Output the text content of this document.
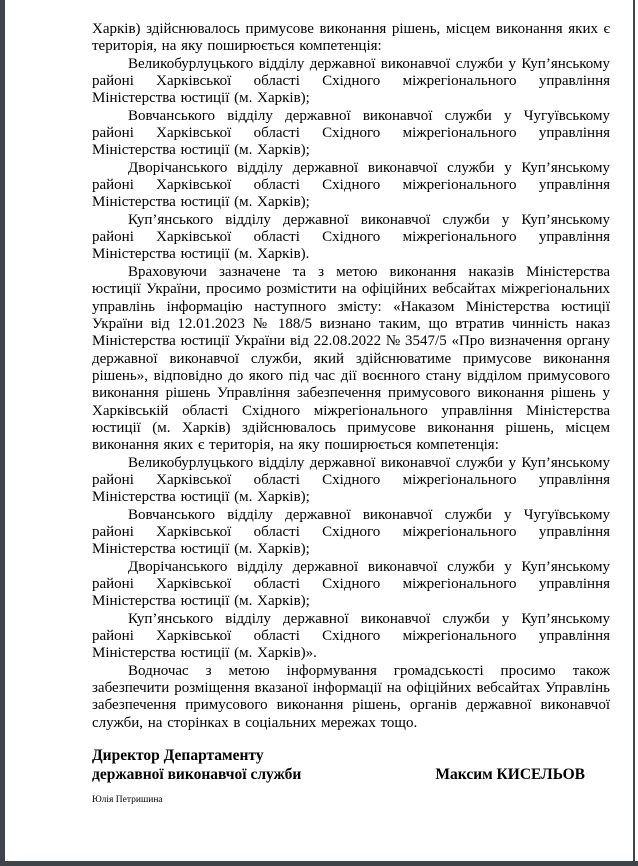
Харків) здійснювалось примусове виконання рішень, місцем виконання яких є територія, на яку поширюється компетенція:

Великобурлуцького відділу державної виконавчої служби у Куп’янському районі Харківської області Східного міжрегіонального управління Міністерства юстиції (м. Харків);

Вовчанського відділу державної виконавчої служби у Чугуївському районі Харківської області Східного міжрегіонального управління Міністерства юстиції (м. Харків);

Дворічанського відділу державної виконавчої служби у Куп’янському районі Харківської області Східного міжрегіонального управління Міністерства юстиції (м. Харків);

Куп’янського відділу державної виконавчої служби у Куп’янському районі Харківської області Східного міжрегіонального управління Міністерства юстиції (м. Харків).

Враховуючи зазначене та з метою виконання наказів Міністерства юстиції України, просимо розмістити на офіційних вебсайтах міжрегіональних управлінь інформацію наступного змісту: «Наказом Міністерства юстиції України від 12.01.2023 № 188/5 визнано таким, що втратив чинність наказ Міністерства юстиції України від 22.08.2022 № 3547/5 «Про визначення органу державної виконавчої служби, який здійснюватиме примусове виконання рішень», відповідно до якого під час дії воєнного стану відділом примусового виконання рішень Управління забезпечення примусового виконання рішень у Харківській області Східного міжрегіонального управління Міністерства юстиції (м. Харків) здійснювалось примусове виконання рішень, місцем виконання яких є територія, на яку поширюється компетенція:

Великобурлуцького відділу державної виконавчої служби у Куп’янському районі Харківської області Східного міжрегіонального управління Міністерства юстиції (м. Харків);

Вовчанського відділу державної виконавчої служби у Чугуївському районі Харківської області Східного міжрегіонального управління Міністерства юстиції (м. Харків);

Дворічанського відділу державної виконавчої служби у Куп’янському районі Харківської області Східного міжрегіонального управління Міністерства юстиції (м. Харків);

Куп’янського відділу державної виконавчої служби у Куп’янському районі Харківської області Східного міжрегіонального управління Міністерства юстиції (м. Харків)».

Водночас з метою інформування громадськості просимо також забезпечити розміщення вказаної інформації на офіційних вебсайтах Управлінь забезпечення примусового виконання рішень, органів державної виконавчої служби, на сторінках в соціальних мережах тощо.

Директор Департаменту
державної виконавчої служби	Максим КИСЕЛЬОВ
Юлія Петришина
